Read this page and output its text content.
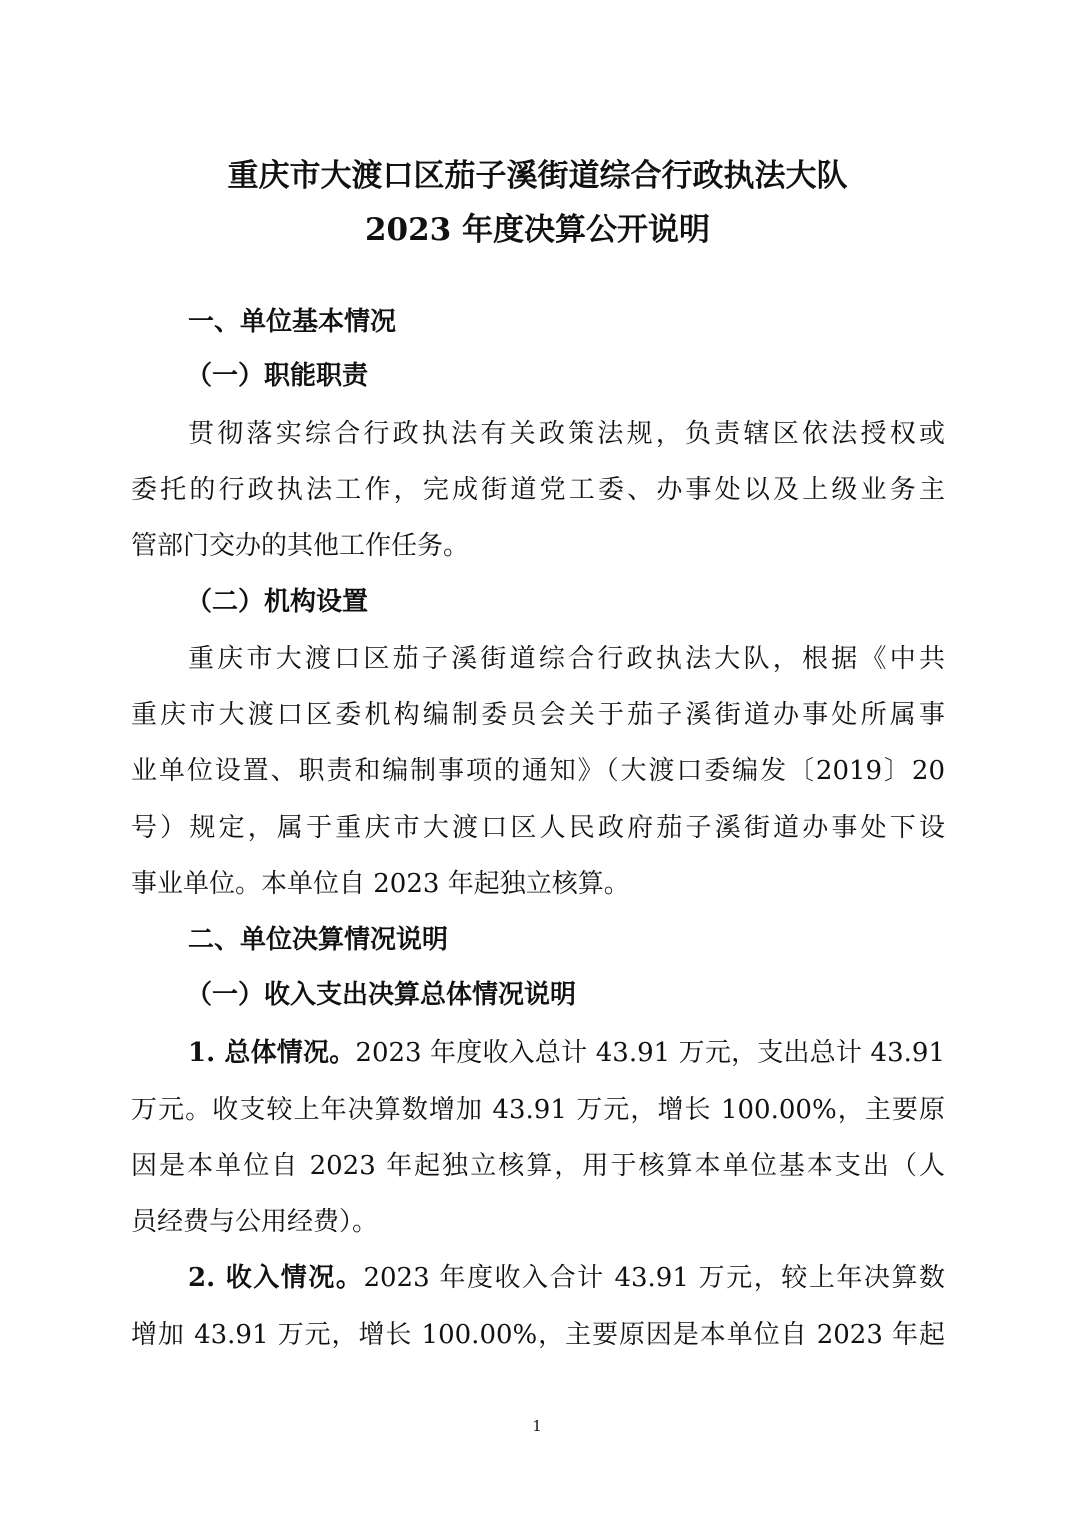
重庆市大渡口区茄子溪街道综合行政执法大队
2023 年度决算公开说明
一、单位基本情况
（一）职能职责
贯彻落实综合行政执法有关政策法规，负责辖区依法授权或
委托的行政执法工作，完成街道党工委、办事处以及上级业务主
管部门交办的其他工作任务。
（二）机构设置
重庆市大渡口区茄子溪街道综合行政执法大队，根据《中共
重庆市大渡口区委机构编制委员会关于茄子溪街道办事处所属事
业单位设置、职责和编制事项的通知》（大渡口委编发〔2019〕20
号）规定，属于重庆市大渡口区人民政府茄子溪街道办事处下设
事业单位。本单位自 2023 年起独立核算。
二、单位决算情况说明
（一）收入支出决算总体情况说明
1. 总体情况。2023 年度收入总计 43.91 万元，支出总计 43.91
万元。收支较上年决算数增加 43.91 万元，增长 100.00%，主要原
因是本单位自 2023 年起独立核算，用于核算本单位基本支出（人
员经费与公用经费）。
2. 收入情况。2023 年度收入合计 43.91 万元，较上年决算数
增加 43.91 万元，增长 100.00%，主要原因是本单位自 2023 年起
1
